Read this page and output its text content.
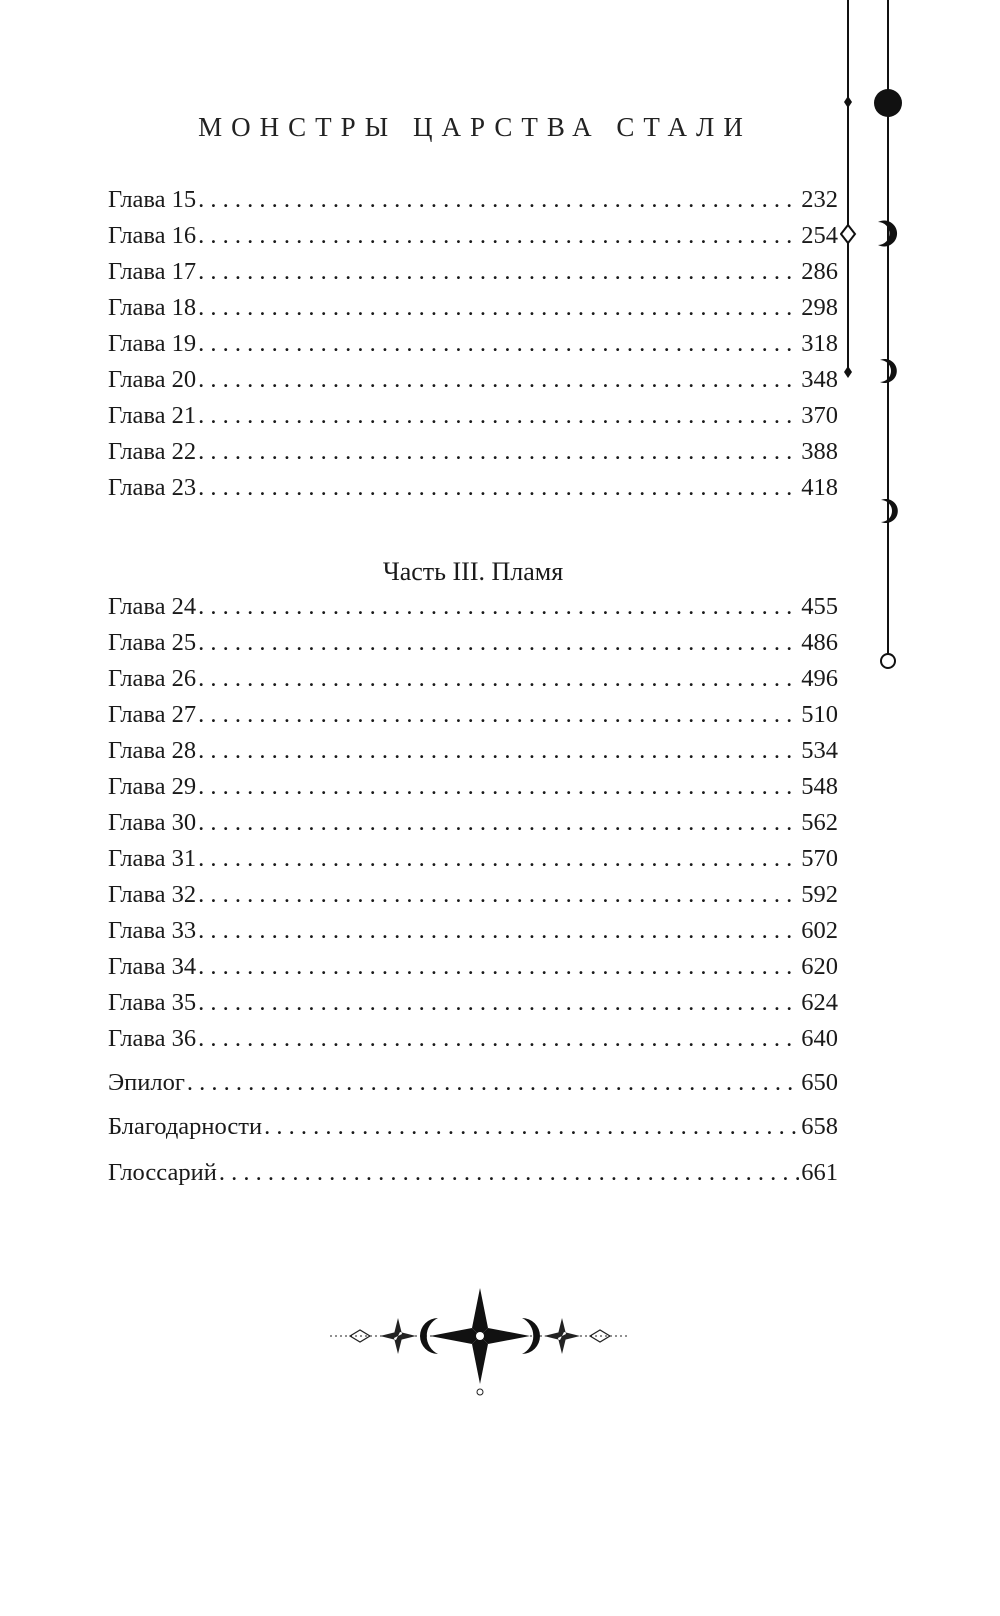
МОНСТРЫ ЦАРСТВА СТАЛИ
Глава 15 . . .	232
Глава 16 . . .	254
Глава 17 . . .	286
Глава 18 . . .	298
Глава 19 . . .	318
Глава 20 . . .	348
Глава 21 . . .	370
Глава 22 . . .	388
Глава 23 . . .	418
Глава 24 . . .	455
Глава 25 . . .	486
Глава 26 . . .	496
Глава 27 . . .	510
Глава 28 . . .	534
Глава 29 . . .	548
Глава 30 . . .	562
Глава 31 . . .	570
Глава 32 . . .	592
Глава 33 . . .	602
Глава 34 . . .	620
Глава 35 . . .	624
Глава 36 . . .	640
Эпилог . . .	650
Благодарности . . .	658
Глоссарий . . .	661
Часть III. Пламя
